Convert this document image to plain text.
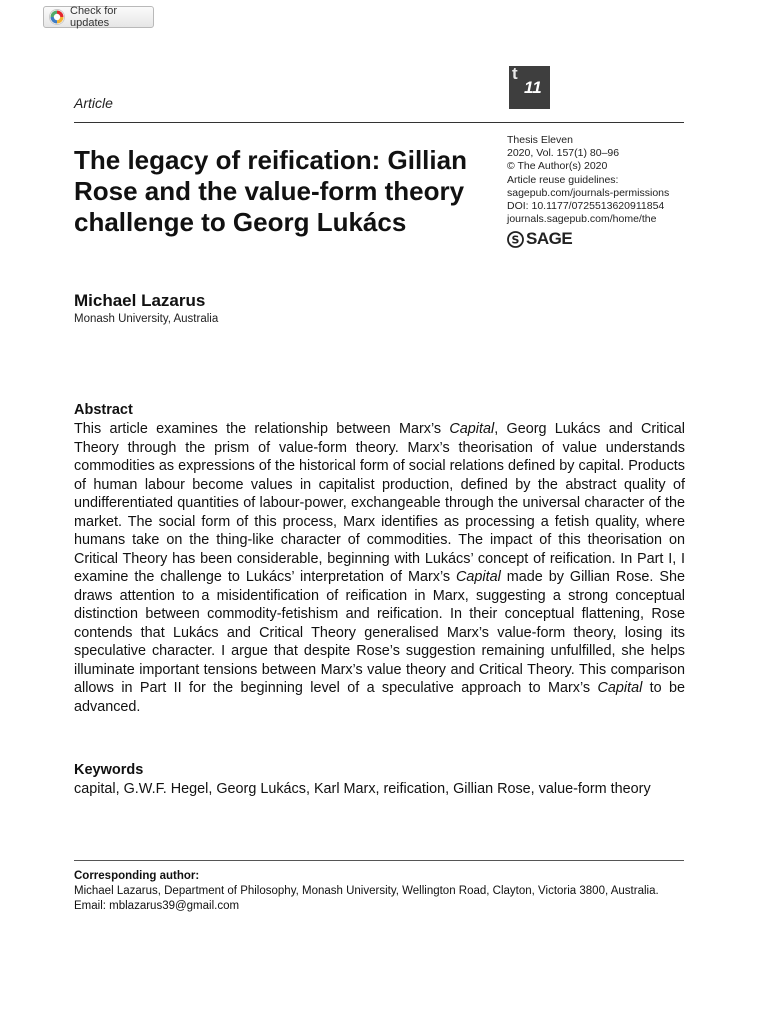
Check for updates
Article
t
11
The legacy of reification: Gillian Rose and the value-form theory challenge to Georg Lukács
Thesis Eleven
2020, Vol. 157(1) 80–96
© The Author(s) 2020
Article reuse guidelines:
sagepub.com/journals-permissions
DOI: 10.1177/0725513620911854
journals.sagepub.com/home/the
S SAGE
Michael Lazarus
Monash University, Australia
Abstract

This article examines the relationship between Marx’s Capital, Georg Lukács and Critical Theory through the prism of value-form theory. Marx’s theorisation of value understands commodities as expressions of the historical form of social relations defined by capital. Products of human labour become values in capitalist production, defined by the abstract quality of undifferentiated quantities of labour-power, exchangeable through the universal character of the market. The social form of this process, Marx identifies as processing a fetish quality, where humans take on the thing-like character of commodities. The impact of this theorisation on Critical Theory has been considerable, beginning with Lukács’ concept of reification. In Part I, I examine the challenge to Lukács’ interpretation of Marx’s Capital made by Gillian Rose. She draws attention to a misidentification of reification in Marx, suggesting a strong conceptual distinction between commodity-fetishism and reification. In their conceptual flattening, Rose contends that Lukács and Critical Theory generalised Marx’s value-form theory, losing its speculative character. I argue that despite Rose’s suggestion remaining unfulfilled, she helps illuminate important tensions between Marx’s value theory and Critical Theory. This comparison allows in Part II for the beginning level of a speculative approach to Marx’s Capital to be advanced.

Keywords

capital, G.W.F. Hegel, Georg Lukács, Karl Marx, reification, Gillian Rose, value-form theory

Corresponding author:
Michael Lazarus, Department of Philosophy, Monash University, Wellington Road, Clayton, Victoria 3800, Australia.
Email: mblazarus39@gmail.com
